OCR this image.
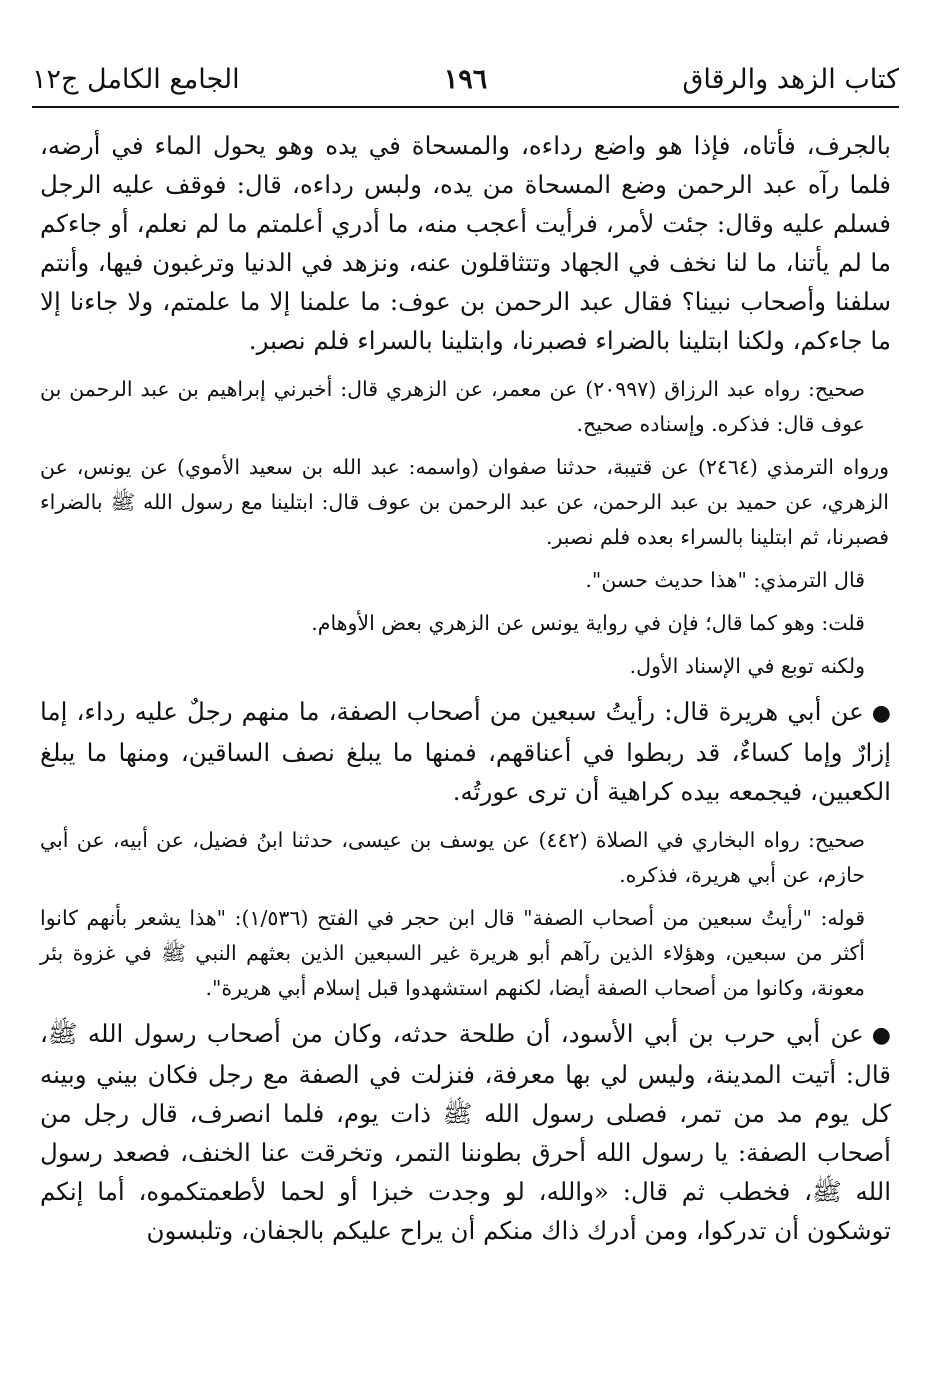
كتاب الزهد والرقاق
١٩٦
الجامع الكامل ج١٢

بالجرف، فأتاه، فإذا هو واضع رداءه، والمسحاة في يده وهو يحول الماء في أرضه، فلما رآه عبد الرحمن وضع المسحاة من يده، ولبس رداءه، قال: فوقف عليه الرجل فسلم عليه وقال: جئت لأمر، فرأيت أعجب منه، ما أدري أعلمتم ما لم نعلم، أو جاءكم ما لم يأتنا، ما لنا نخف في الجهاد وتتثاقلون عنه، ونزهد في الدنيا وترغبون فيها، وأنتم سلفنا وأصحاب نبينا؟ فقال عبد الرحمن بن عوف: ما علمنا إلا ما علمتم، ولا جاءنا إلا ما جاءكم، ولكنا ابتلينا بالضراء فصبرنا، وابتلينا بالسراء فلم نصبر.

صحيح: رواه عبد الرزاق (٢٠٩٩٧) عن معمر، عن الزهري قال: أخبرني إبراهيم بن عبد الرحمن بن عوف قال: فذكره. وإسناده صحيح.

ورواه الترمذي (٢٤٦٤) عن قتيبة، حدثنا صفوان (واسمه: عبد الله بن سعيد الأموي) عن يونس، عن الزهري، عن حميد بن عبد الرحمن، عن عبد الرحمن بن عوف قال: ابتلينا مع رسول الله ﷺ بالضراء فصبرنا، ثم ابتلينا بالسراء بعده فلم نصبر.

قال الترمذي: "هذا حديث حسن".

قلت: وهو كما قال؛ فإن في رواية يونس عن الزهري بعض الأوهام.

ولكنه توبع في الإسناد الأول.

●عن أبي هريرة قال: رأيتُ سبعين من أصحاب الصفة، ما منهم رجلٌ عليه رداء، إما إزارٌ وإما كساءٌ، قد ربطوا في أعناقهم، فمنها ما يبلغ نصف الساقين، ومنها ما يبلغ الكعبين، فيجمعه بيده كراهية أن ترى عورتُه.

صحيح: رواه البخاري في الصلاة (٤٤٢) عن يوسف بن عيسى، حدثنا ابنُ فضيل، عن أبيه، عن أبي حازم، عن أبي هريرة، فذكره.

قوله: "رأيتُ سبعين من أصحاب الصفة" قال ابن حجر في الفتح (١/٥٣٦): "هذا يشعر بأنهم كانوا أكثر من سبعين، وهؤلاء الذين رآهم أبو هريرة غير السبعين الذين بعثهم النبي ﷺ في غزوة بئر معونة، وكانوا من أصحاب الصفة أيضا، لكنهم استشهدوا قبل إسلام أبي هريرة".

●عن أبي حرب بن أبي الأسود، أن طلحة حدثه، وكان من أصحاب رسول الله ﷺ، قال: أتيت المدينة، وليس لي بها معرفة، فنزلت في الصفة مع رجل فكان بيني وبينه كل يوم مد من تمر، فصلى رسول الله ﷺ ذات يوم، فلما انصرف، قال رجل من أصحاب الصفة: يا رسول الله أحرق بطوننا التمر، وتخرقت عنا الخنف، فصعد رسول الله ﷺ، فخطب ثم قال: «والله، لو وجدت خبزا أو لحما لأطعمتكموه، أما إنكم توشكون أن تدركوا، ومن أدرك ذاك منكم أن يراح عليكم بالجفان، وتلبسون
